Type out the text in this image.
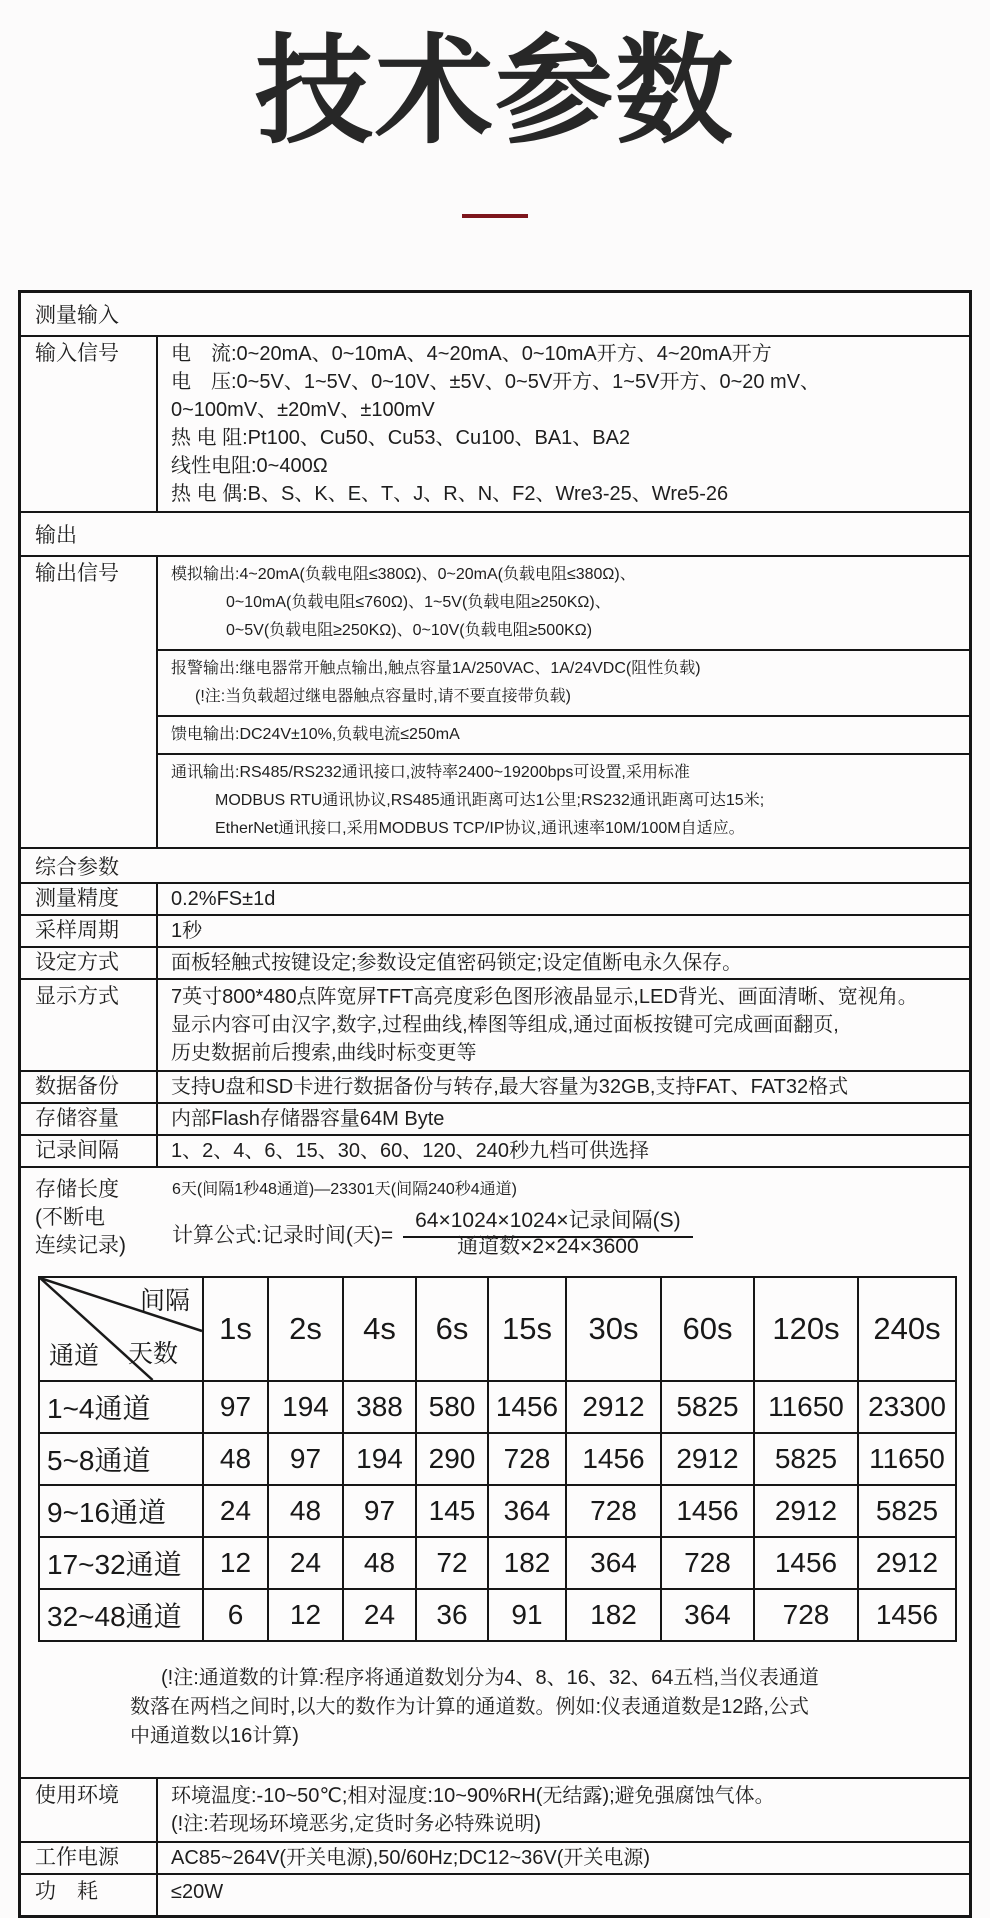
技术参数
测量输入
输入信号	电　流:0~20mA、0~10mA、4~20mA、0~10mA开方、4~20mA开方
电　压:0~5V、1~5V、0~10V、±5V、0~5V开方、1~5V开方、0~20 mV、
0~100mV、±20mV、±100mV
热 电 阻:Pt100、Cu50、Cu53、Cu100、BA1、BA2
线性电阻:0~400Ω
热 电 偶:B、S、K、E、T、J、R、N、F2、Wre3-25、Wre5-26
输出
输出信号	模拟输出:4~20mA(负载电阻≤380Ω)、0~20mA(负载电阻≤380Ω)、
0~10mA(负载电阻≤760Ω)、1~5V(负载电阻≥250KΩ)、
0~5V(负载电阻≥250KΩ)、0~10V(负载电阻≥500KΩ)
报警输出:继电器常开触点输出,触点容量1A/250VAC、1A/24VDC(阻性负载)
(!注:当负载超过继电器触点容量时,请不要直接带负载)
馈电输出:DC24V±10%,负载电流≤250mA
通讯输出:RS485/RS232通讯接口,波特率2400~19200bps可设置,采用标准
MODBUS RTU通讯协议,RS485通讯距离可达1公里;RS232通讯距离可达15米;
EtherNet通讯接口,采用MODBUS TCP/IP协议,通讯速率10M/100M自适应。
综合参数
测量精度	0.2%FS±1d
采样周期	1秒
设定方式	面板轻触式按键设定;参数设定值密码锁定;设定值断电永久保存。
显示方式	7英寸800*480点阵宽屏TFT高亮度彩色图形液晶显示,LED背光、画面清晰、宽视角。
显示内容可由汉字,数字,过程曲线,棒图等组成,通过面板按键可完成画面翻页,
历史数据前后搜索,曲线时标变更等
数据备份	支持U盘和SD卡进行数据备份与转存,最大容量为32GB,支持FAT、FAT32格式
存储容量	内部Flash存储器容量64M Byte
记录间隔	1、2、4、6、15、30、60、120、240秒九档可供选择
存储长度
(不断电
连续记录)
6天(间隔1秒48通道)—23301天(间隔240秒4通道)
计算公式:记录时间(天)=
64×1024×1024×记录间隔(S)
通道数×2×24×3600
间隔
天数
通道	1s	2s	4s	6s	15s	30s	60s	120s	240s
1~4通道	97	194	388	580	1456	2912	5825	11650	23300
5~8通道	48	97	194	290	728	1456	2912	5825	11650
9~16通道	24	48	97	145	364	728	1456	2912	5825
17~32通道	12	24	48	72	182	364	728	1456	2912
32~48通道	6	12	24	36	91	182	364	728	1456
(!注:通道数的计算:程序将通道数划分为4、8、16、32、64五档,当仪表通道
数落在两档之间时,以大的数作为计算的通道数。例如:仪表通道数是12路,公式
中通道数以16计算)
使用环境	环境温度:-10~50℃;相对湿度:10~90%RH(无结露);避免强腐蚀气体。
(!注:若现场环境恶劣,定货时务必特殊说明)
工作电源	AC85~264V(开关电源),50/60Hz;DC12~36V(开关电源)
功　耗	≤20W
